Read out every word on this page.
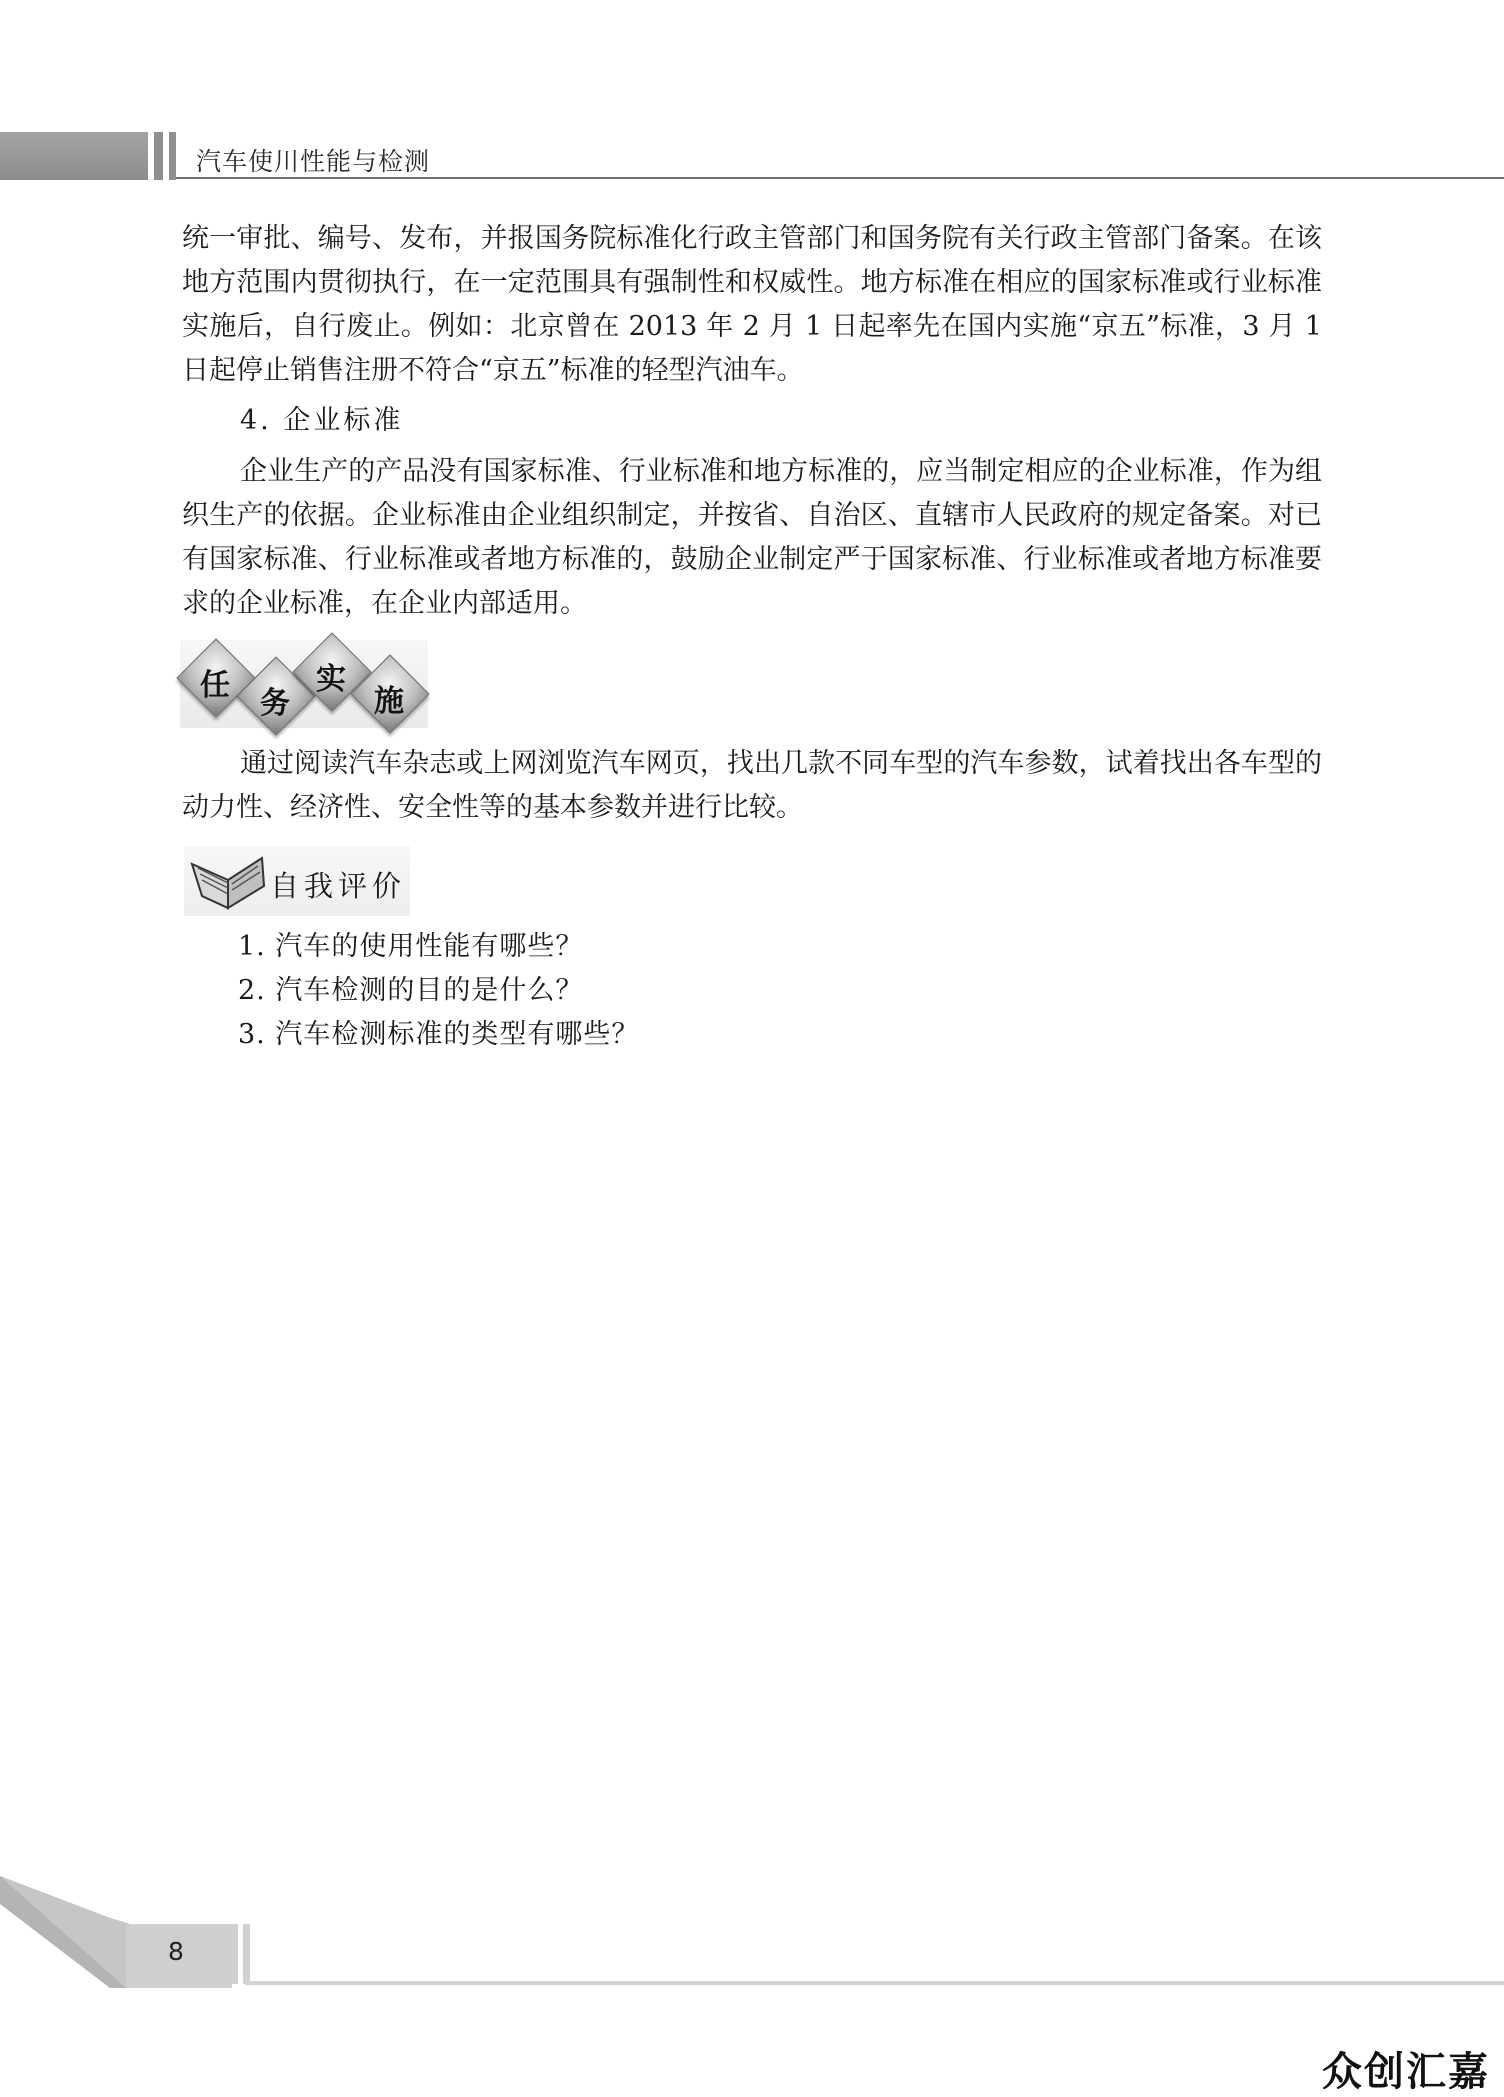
汽车使川性能与检测

统一审批、编号、发布，并报国务院标准化行政主管部门和国务院有关行政主管部门备案。在该地方范围内贯彻执行，在一定范围具有强制性和权威性。地方标准在相应的国家标准或行业标准实施后，自行废止。例如：北京曾在 2013 年 2 月 1 日起率先在国内实施“京五”标准，3 月 1 日起停止销售注册不符合“京五”标准的轻型汽油车。

4. 企业标准

企业生产的产品没有国家标准、行业标准和地方标准的，应当制定相应的企业标准，作为组织生产的依据。企业标准由企业组织制定，并按省、自治区、直辖市人民政府的规定备案。对已有国家标准、行业标准或者地方标准的，鼓励企业制定严于国家标准、行业标准或者地方标准要求的企业标准，在企业内部适用。

任
务
实
施

通过阅读汽车杂志或上网浏览汽车网页，找出几款不同车型的汽车参数，试着找出各车型的动力性、经济性、安全性等的基本参数并进行比较。

自我评价
1. 汽车的使用性能有哪些？
2. 汽车检测的目的是什么？
3. 汽车检测标准的类型有哪些？
8
众创汇嘉
